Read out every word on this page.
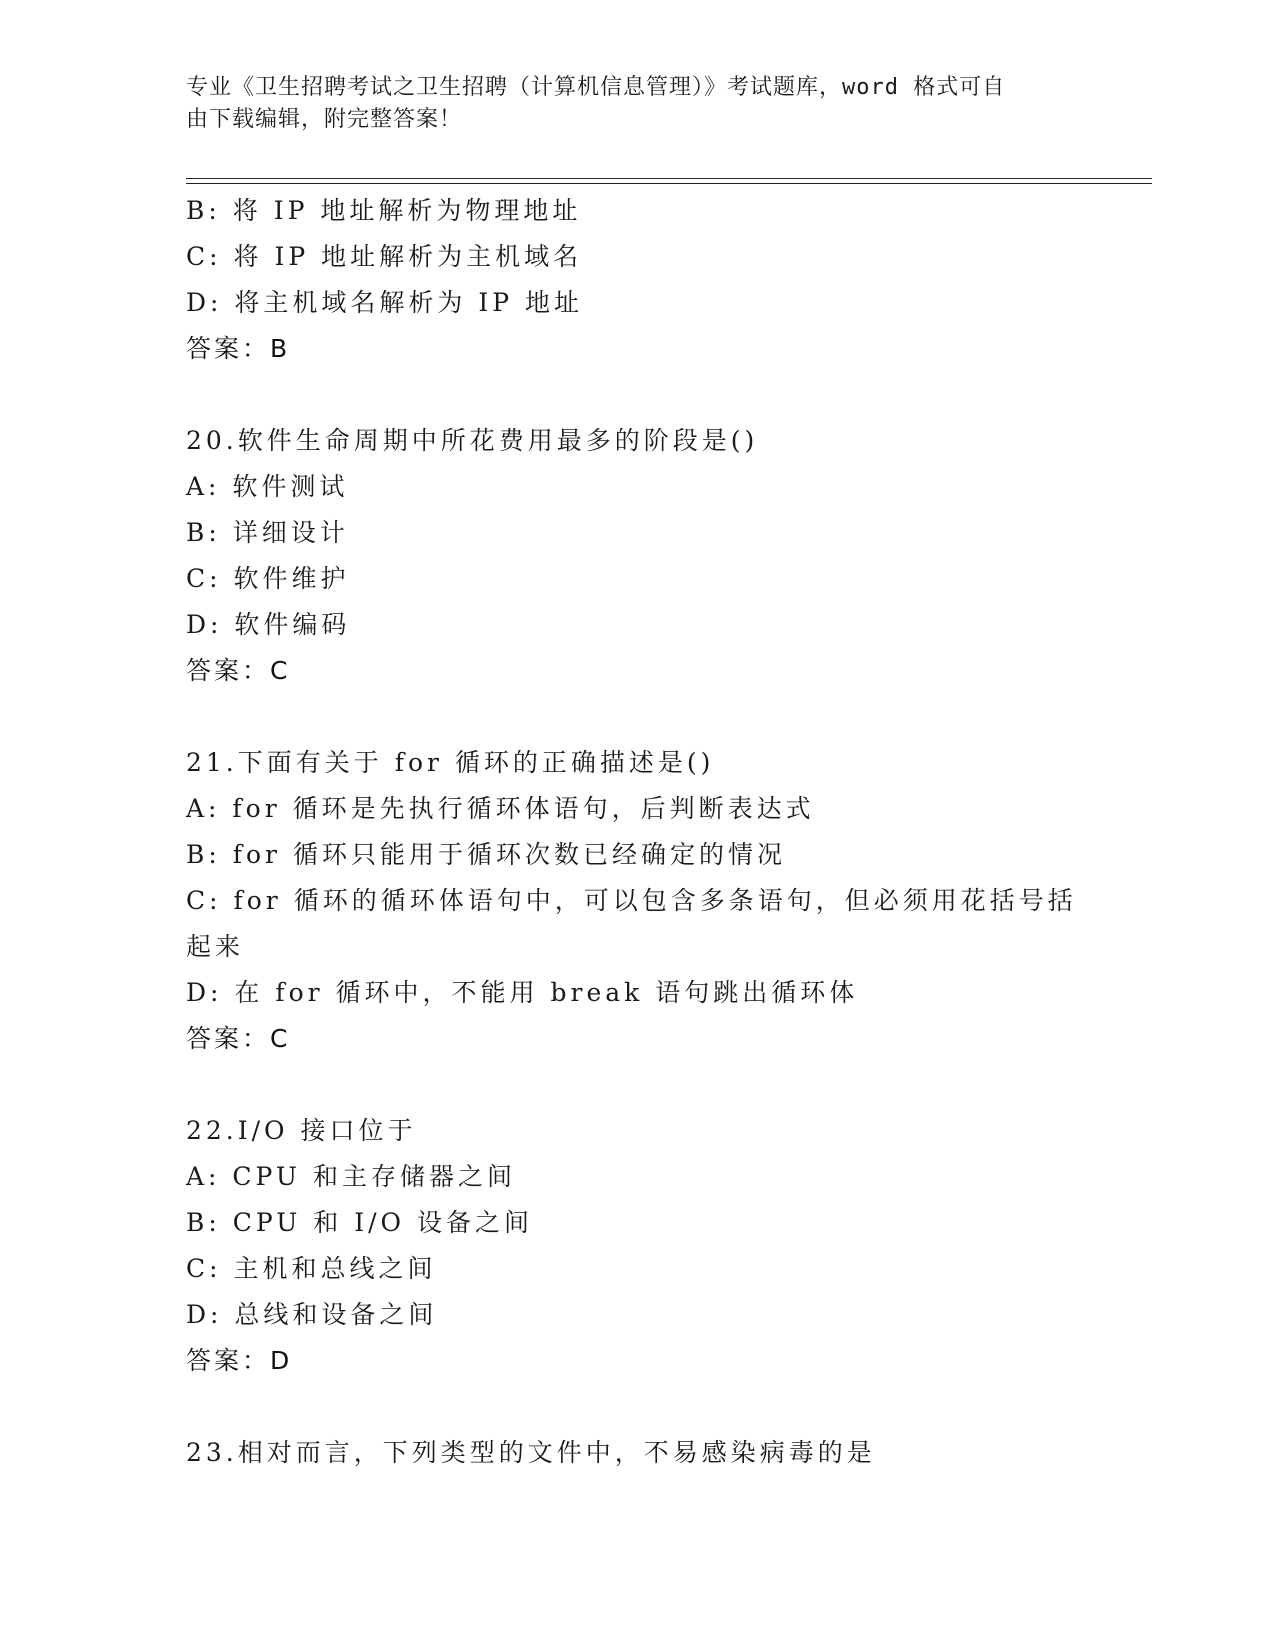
专业《卫生招聘考试之卫生招聘（计算机信息管理）》考试题库，word 格式可自
由下载编辑，附完整答案！
B: 将 IP 地址解析为物理地址
C: 将 IP 地址解析为主机域名
D: 将主机域名解析为 IP 地址
答案：B
20.软件生命周期中所花费用最多的阶段是()
A: 软件测试
B: 详细设计
C: 软件维护
D: 软件编码
答案：C
21.下面有关于 for 循环的正确描述是()
A: for 循环是先执行循环体语句，后判断表达式
B: for 循环只能用于循环次数已经确定的情况
C: for 循环的循环体语句中，可以包含多条语句，但必须用花括号括
起来
D: 在 for 循环中，不能用 break 语句跳出循环体
答案：C
22.I/O 接口位于
A: CPU 和主存储器之间
B: CPU 和 I/O 设备之间
C: 主机和总线之间
D: 总线和设备之间
答案：D
23.相对而言，下列类型的文件中，不易感染病毒的是
